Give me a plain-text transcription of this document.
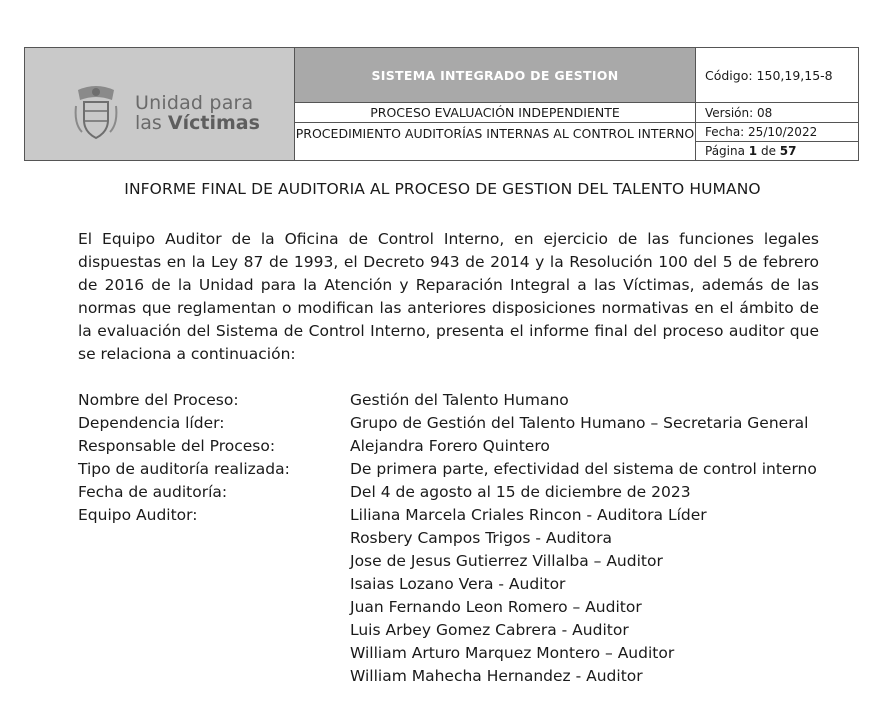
Unidad para
las Víctimas
SISTEMA INTEGRADO DE GESTION
PROCESO EVALUACIÓN INDEPENDIENTE
PROCEDIMIENTO AUDITORÍAS INTERNAS AL CONTROL INTERNO
Código: 150,19,15-8
Versión: 08
Fecha: 25/10/2022
Página 1 de 57
INFORME FINAL DE AUDITORIA AL PROCESO DE GESTION DEL TALENTO HUMANO
El Equipo Auditor de la Oficina de Control Interno, en ejercicio de las funciones legales dispuestas en la Ley 87 de 1993, el Decreto 943 de 2014 y la Resolución 100 del 5 de febrero de 2016 de la Unidad para la Atención y Reparación Integral a las Víctimas, además de las normas que reglamentan o modifican las anteriores disposiciones normativas en el ámbito de la evaluación del Sistema de Control Interno, presenta el informe final del proceso auditor que se relaciona a continuación:
Nombre del Proceso:	Gestión del Talento Humano
Dependencia líder:	Grupo de Gestión del Talento Humano – Secretaria General
Responsable del Proceso:	Alejandra Forero Quintero
Tipo de auditoría realizada:	De primera parte, efectividad del sistema de control interno
Fecha de auditoría:	Del 4 de agosto al 15 de diciembre de 2023
Equipo Auditor:	Liliana Marcela Criales Rincon - Auditora Líder
Rosbery Campos Trigos - Auditora
Jose de Jesus Gutierrez Villalba – Auditor
Isaias Lozano Vera - Auditor
Juan Fernando Leon Romero – Auditor
Luis Arbey Gomez Cabrera - Auditor
William Arturo Marquez Montero – Auditor
William Mahecha Hernandez - Auditor
